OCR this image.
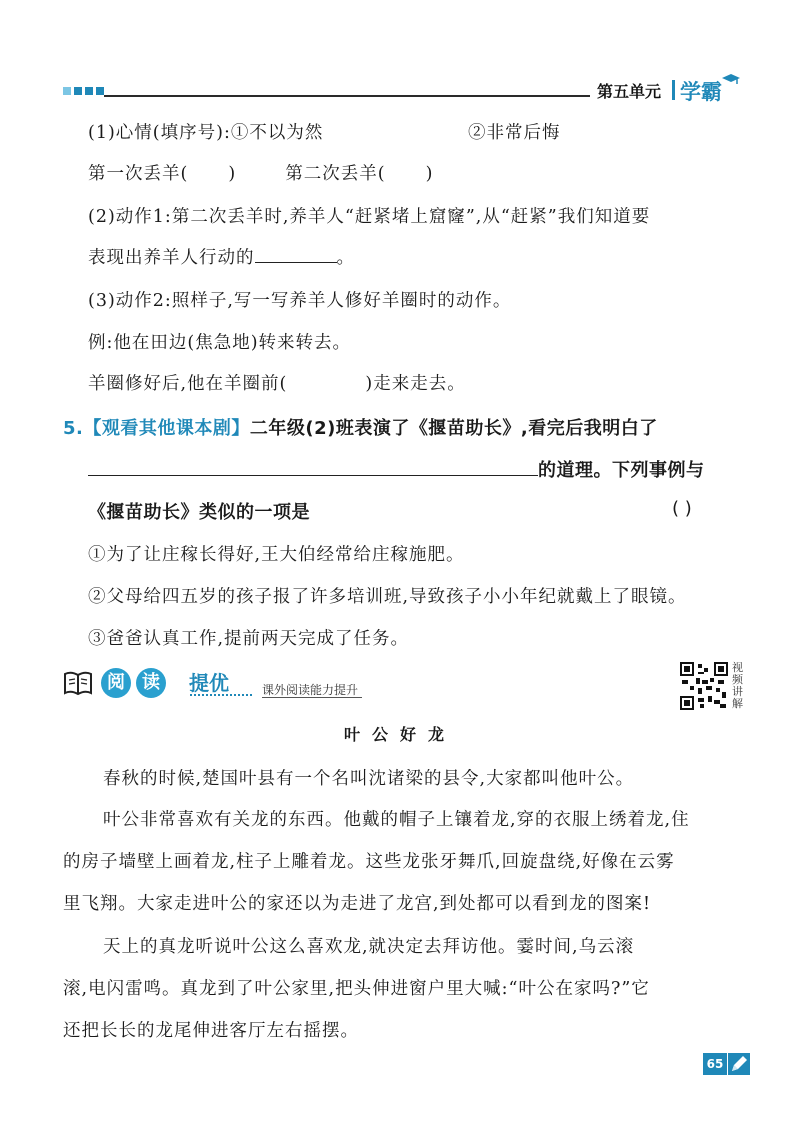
第五单元 学霸
(1)心情(填序号):①不以为然	②非常后悔
第一次丢羊( )	第二次丢羊( )
(2)动作1:第二次丢羊时,养羊人“赶紧堵上窟窿”,从“赶紧”我们知道要
表现出养羊人行动的	。
(3)动作2:照样子,写一写养羊人修好羊圈时的动作。
例:他在田边(焦急地)转来转去。
羊圈修好后,他在羊圈前(	)走来走去。
5.【观看其他课本剧】二年级(2)班表演了《揠苗助长》,看完后我明白了
的道理。下列事例与
《揠苗助长》类似的一项是	( )
①为了让庄稼长得好,王大伯经常给庄稼施肥。
②父母给四五岁的孩子报了许多培训班,导致孩子小小年纪就戴上了眼镜。
③爸爸认真工作,提前两天完成了任务。
阅 读	提优	课外阅读能力提升
视频讲解
叶公好龙
春秋的时候,楚国叶县有一个名叫沈诸梁的县令,大家都叫他叶公。
叶公非常喜欢有关龙的东西。他戴的帽子上镶着龙,穿的衣服上绣着龙,住
的房子墙壁上画着龙,柱子上雕着龙。这些龙张牙舞爪,回旋盘绕,好像在云雾
里飞翔。大家走进叶公的家还以为走进了龙宫,到处都可以看到龙的图案!
天上的真龙听说叶公这么喜欢龙,就决定去拜访他。霎时间,乌云滚
滚,电闪雷鸣。真龙到了叶公家里,把头伸进窗户里大喊:“叶公在家吗?”它
还把长长的龙尾伸进客厅左右摇摆。
65
